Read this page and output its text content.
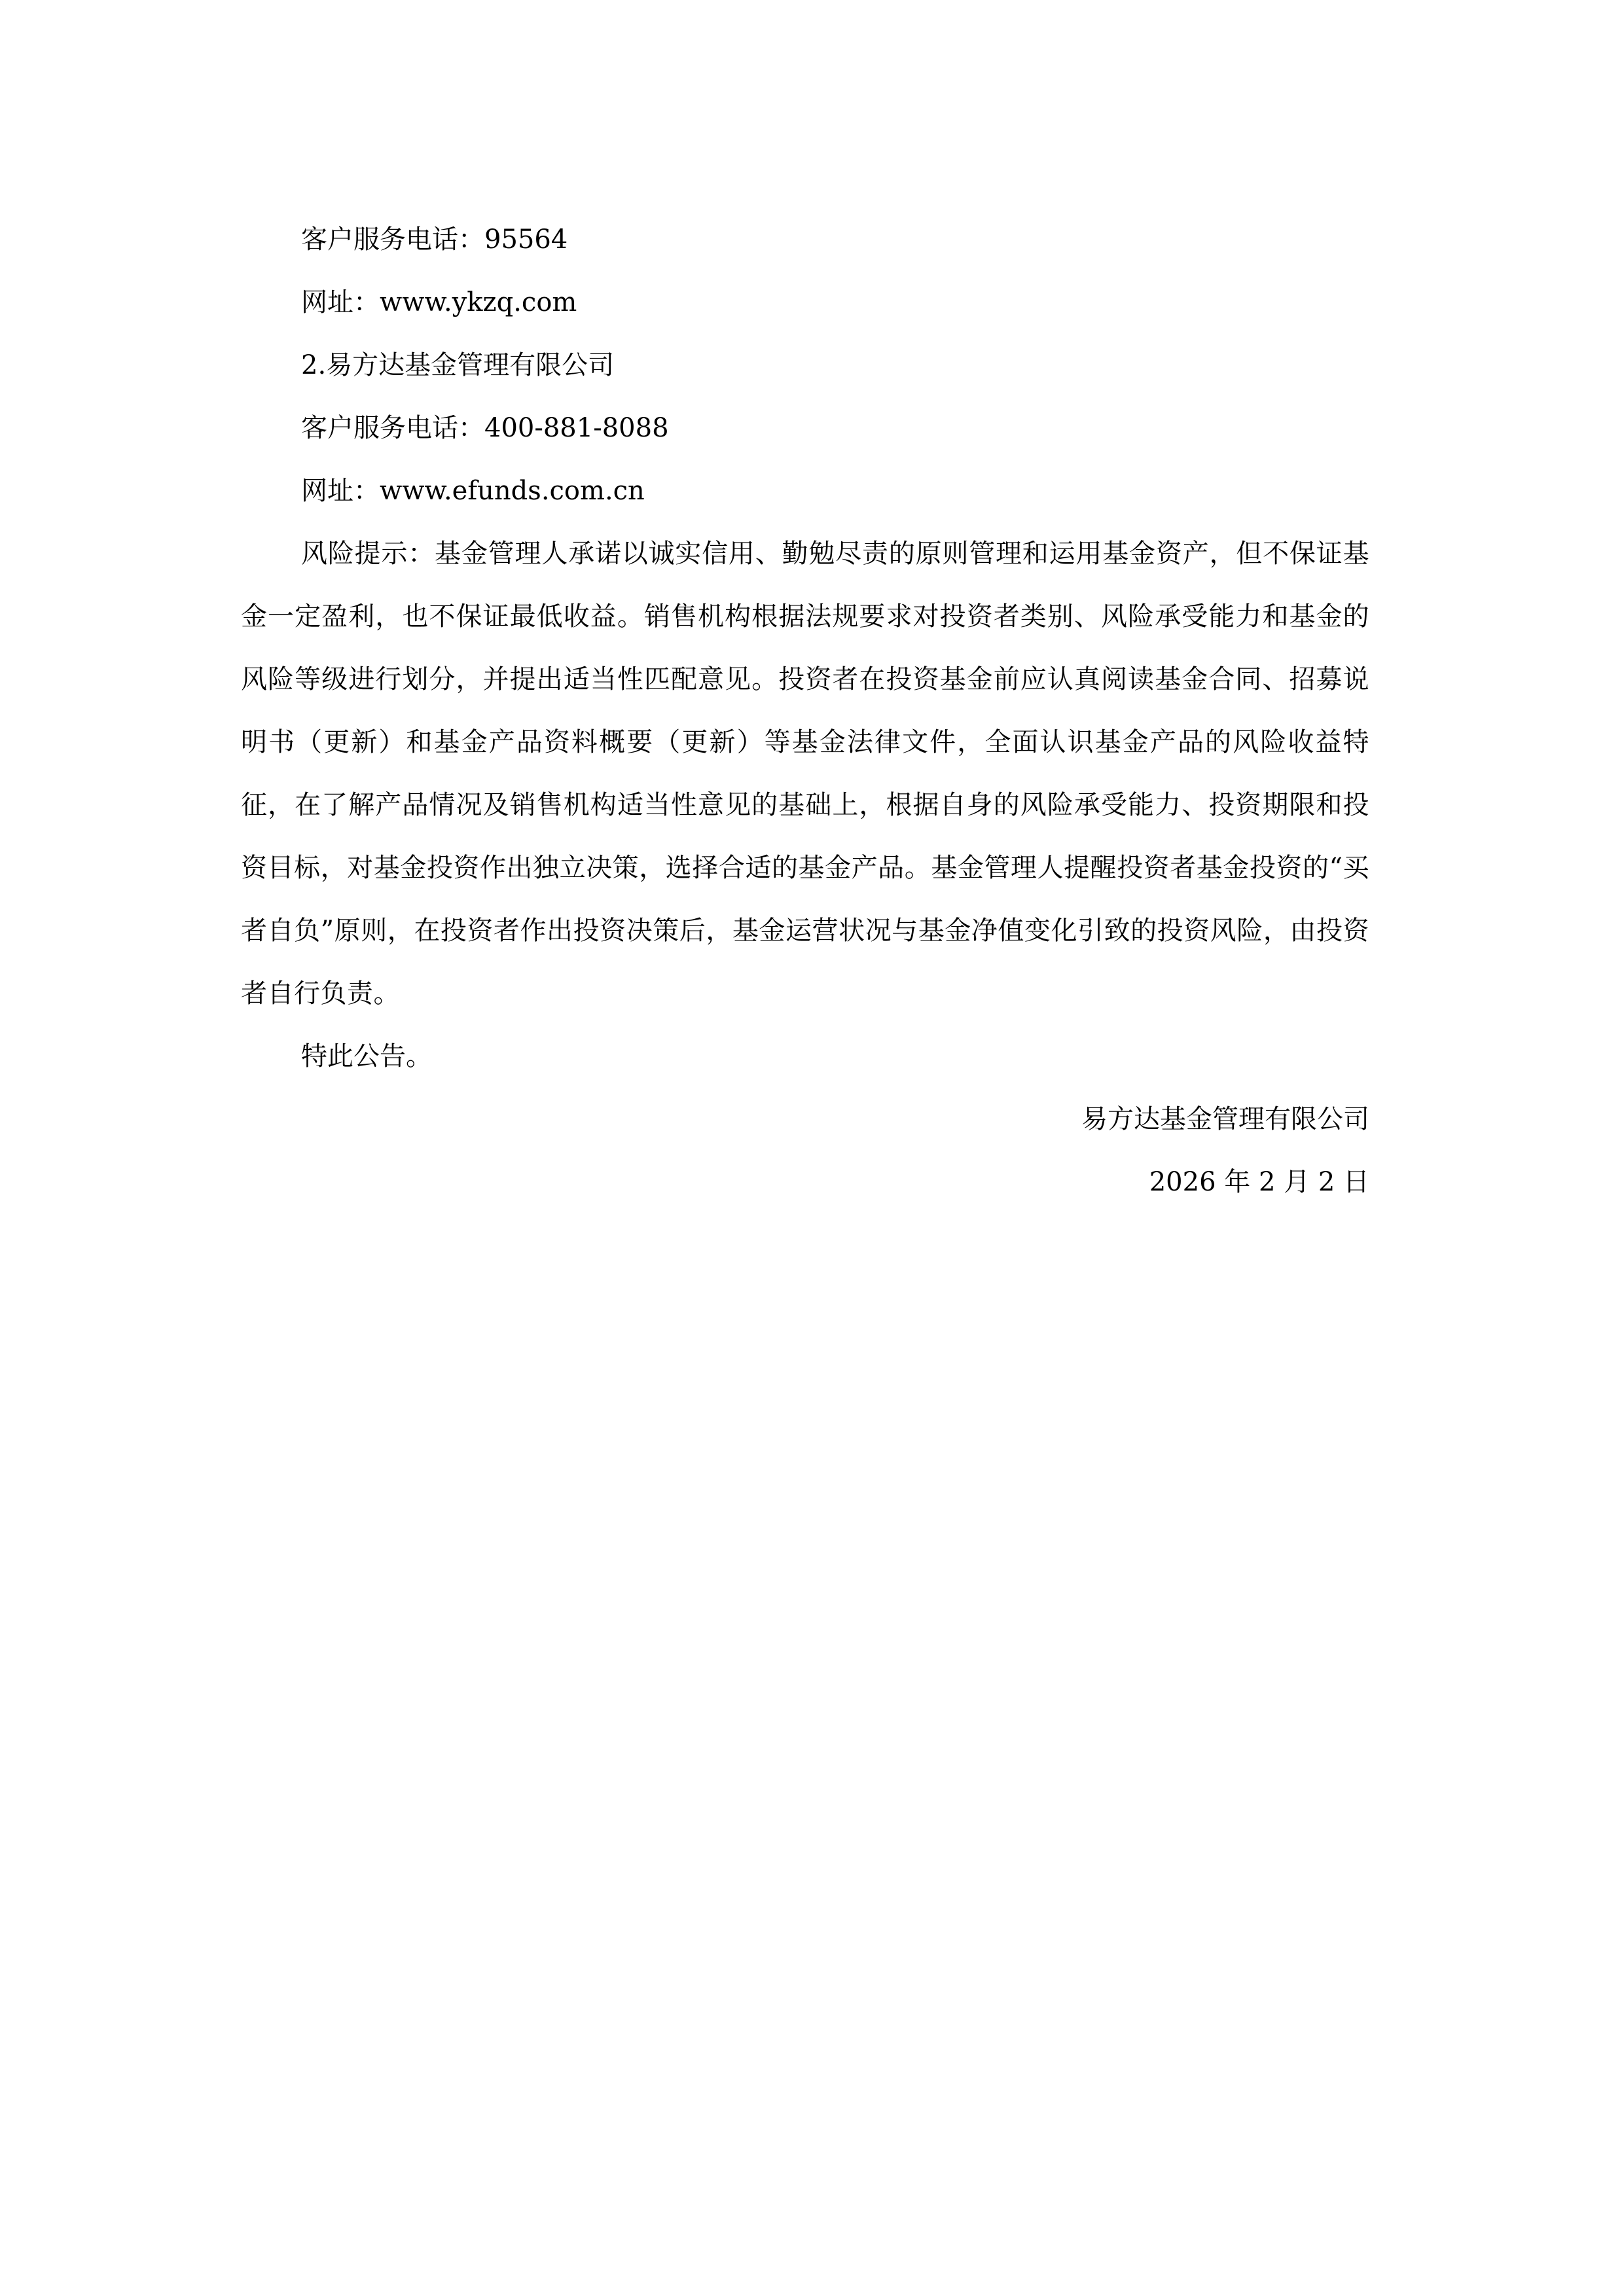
客户服务电话：95564
网址：www.ykzq.com
2.易方达基金管理有限公司
客户服务电话：400-881-8088
网址：www.efunds.com.cn

风险提示：基金管理人承诺以诚实信用、勤勉尽责的原则管理和运用基金资产，但不保证基金一定盈利，也不保证最低收益。销售机构根据法规要求对投资者类别、风险承受能力和基金的风险等级进行划分，并提出适当性匹配意见。投资者在投资基金前应认真阅读基金合同、招募说明书（更新）和基金产品资料概要（更新）等基金法律文件，全面认识基金产品的风险收益特征，在了解产品情况及销售机构适当性意见的基础上，根据自身的风险承受能力、投资期限和投资目标，对基金投资作出独立决策，选择合适的基金产品。基金管理人提醒投资者基金投资的“买者自负”原则，在投资者作出投资决策后，基金运营状况与基金净值变化引致的投资风险，由投资者自行负责。

特此公告。
易方达基金管理有限公司
2026 年 2 月 2 日
